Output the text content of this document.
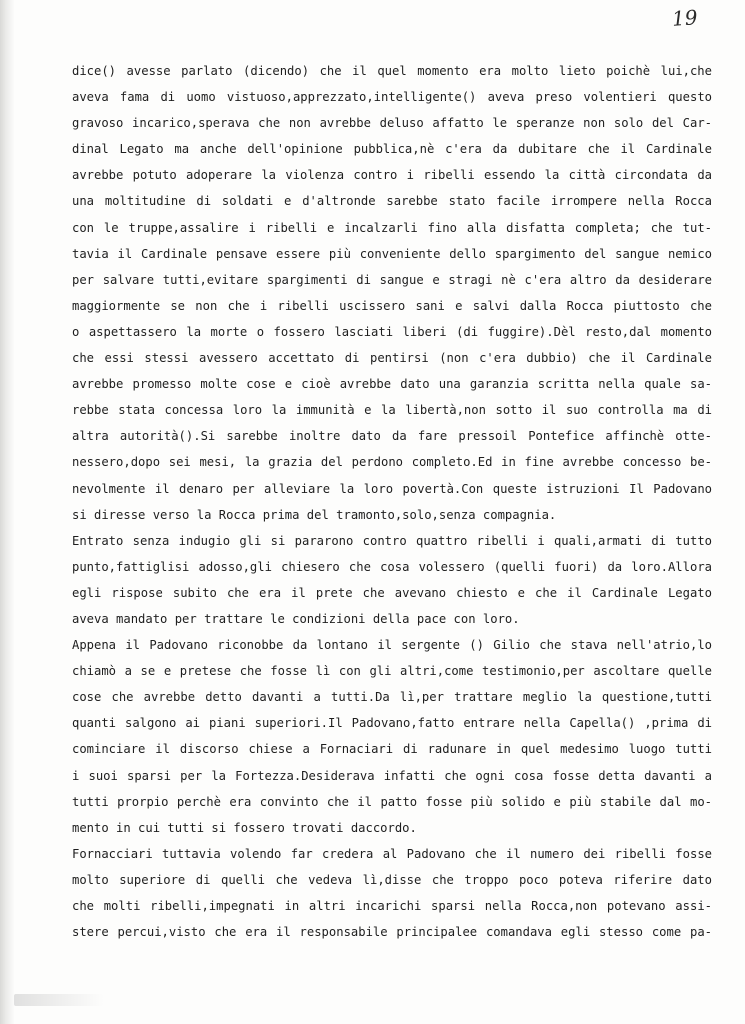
19
dice() avesse parlato (dicendo) che il quel momento era molto lieto poichè lui,che
aveva fama di uomo vistuoso,apprezzato,intelligente() aveva preso volentieri questo
gravoso incarico,sperava che non avrebbe deluso affatto le speranze non solo del Car-
dinal Legato ma anche dell'opinione pubblica,nè c'era da dubitare che il Cardinale
avrebbe potuto adoperare la violenza contro i ribelli essendo la città circondata da
una moltitudine di soldati e d'altronde sarebbe stato facile irrompere nella Rocca
con le truppe,assalire i ribelli e incalzarli fino alla disfatta completa; che tut-
tavia il Cardinale pensave essere più conveniente dello spargimento del sangue nemico
per salvare tutti,evitare spargimenti di sangue e stragi nè c'era altro da desiderare
maggiormente se non che i ribelli uscissero sani e salvi dalla Rocca piuttosto che
o aspettassero la morte o fossero lasciati liberi (di fuggire).Dèl resto,dal momento
che essi stessi avessero accettato di pentirsi (non c'era dubbio) che il Cardinale
avrebbe promesso molte cose e cioè avrebbe dato una garanzia scritta nella quale sa-
rebbe stata concessa loro la immunità e la libertà,non sotto il suo controlla ma di
altra autorità().Si sarebbe inoltre dato da fare pressoil Pontefice affinchè otte-
nessero,dopo sei mesi, la grazia del perdono completo.Ed in fine avrebbe concesso be-
nevolmente il denaro per alleviare la loro povertà.Con queste istruzioni Il Padovano
si diresse verso la Rocca prima del tramonto,solo,senza compagnia.
Entrato senza indugio gli si pararono contro quattro ribelli i quali,armati di tutto
punto,fattiglisi adosso,gli chiesero che cosa volessero (quelli fuori) da loro.Allora
egli rispose subito che era il prete che avevano chiesto e che il Cardinale Legato
aveva mandato per trattare le condizioni della pace con loro.
Appena il Padovano riconobbe da lontano il sergente () Gilio che stava nell'atrio,lo
chiamò a se e pretese che fosse lì con gli altri,come testimonio,per ascoltare quelle
cose che avrebbe detto davanti a tutti.Da lì,per trattare meglio la questione,tutti
quanti salgono ai piani superiori.Il Padovano,fatto entrare nella Capella() ,prima di
cominciare il discorso chiese a Fornaciari di radunare in quel medesimo luogo tutti
i suoi sparsi per la Fortezza.Desiderava infatti che ogni cosa fosse detta davanti a
tutti prorpio perchè era convinto che il patto fosse più solido e più stabile dal mo-
mento in cui tutti si fossero trovati daccordo.
Fornacciari tuttavia volendo far credera al Padovano che il numero dei ribelli fosse
molto superiore di quelli che vedeva lì,disse che troppo poco poteva riferire dato
che molti ribelli,impegnati in altri incarichi sparsi nella Rocca,non potevano assi-
stere percui,visto che era il responsabile principalee comandava egli stesso come pa-
